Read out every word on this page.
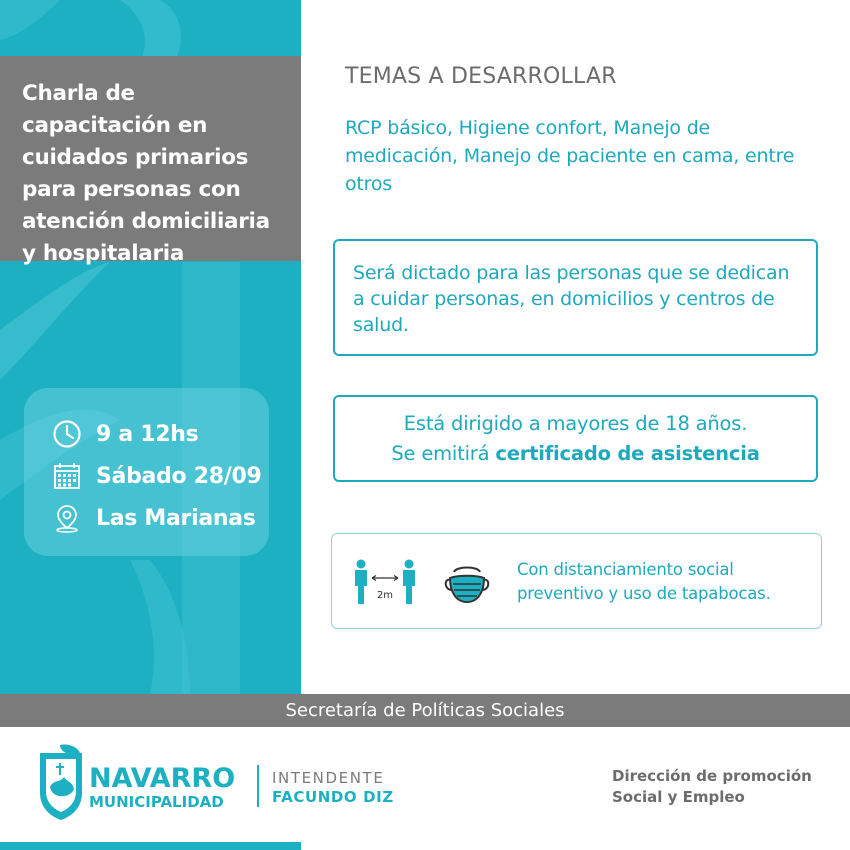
Charla de capacitación en cuidados primarios para personas con atención domiciliaria y hospitalaria
9 a 12hs
Sábado 28/09
Las Marianas
TEMAS A DESARROLLAR
RCP básico, Higiene confort, Manejo de medicación, Manejo de paciente en cama, entre otros
Será dictado para las personas que se dedican a cuidar personas, en domicilios y centros de salud.
Está dirigido a mayores de 18 años.
Se emitirá certificado de asistencia
2m
Con distanciamiento social preventivo y uso de tapabocas.
Secretaría de Políticas Sociales
NAVARRO
MUNICIPALIDAD
INTENDENTE
FACUNDO DIZ
Dirección de promoción
Social y Empleo
